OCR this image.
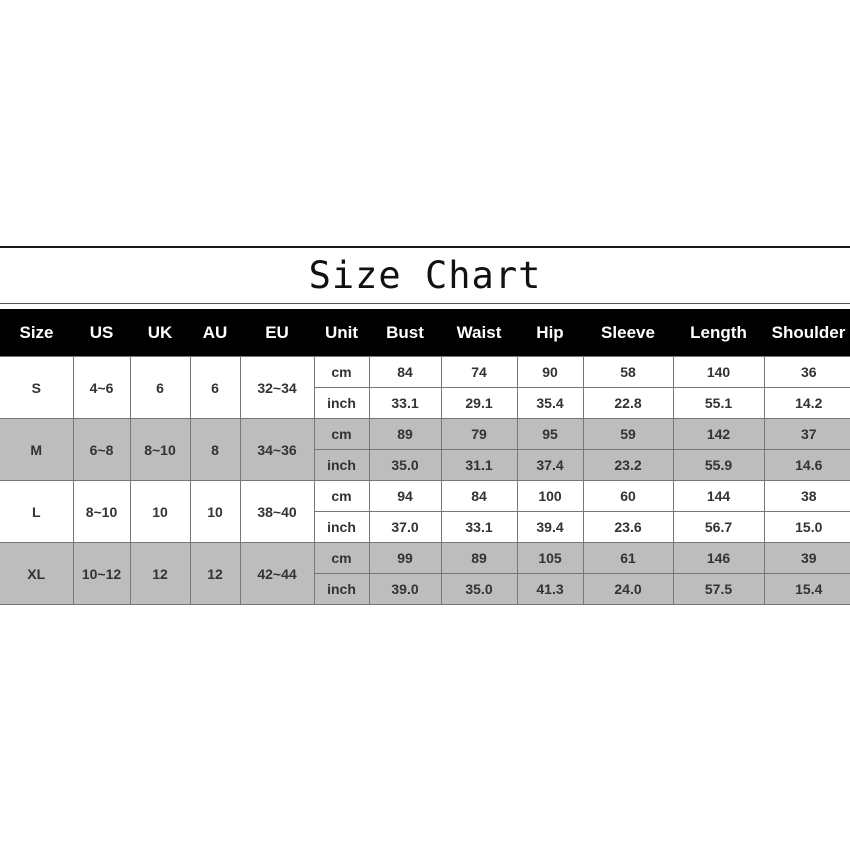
Size Chart
Size	US	UK	AU	EU	Unit	Bust	Waist	Hip	Sleeve	Length	Shoulder
S	4~6	6	6	32~34	cm	84	74	90	58	140	36
					inch	33.1	29.1	35.4	22.8	55.1	14.2
M	6~8	8~10	8	34~36	cm	89	79	95	59	142	37
					inch	35.0	31.1	37.4	23.2	55.9	14.6
L	8~10	10	10	38~40	cm	94	84	100	60	144	38
					inch	37.0	33.1	39.4	23.6	56.7	15.0
XL	10~12	12	12	42~44	cm	99	89	105	61	146	39
					inch	39.0	35.0	41.3	24.0	57.5	15.4
